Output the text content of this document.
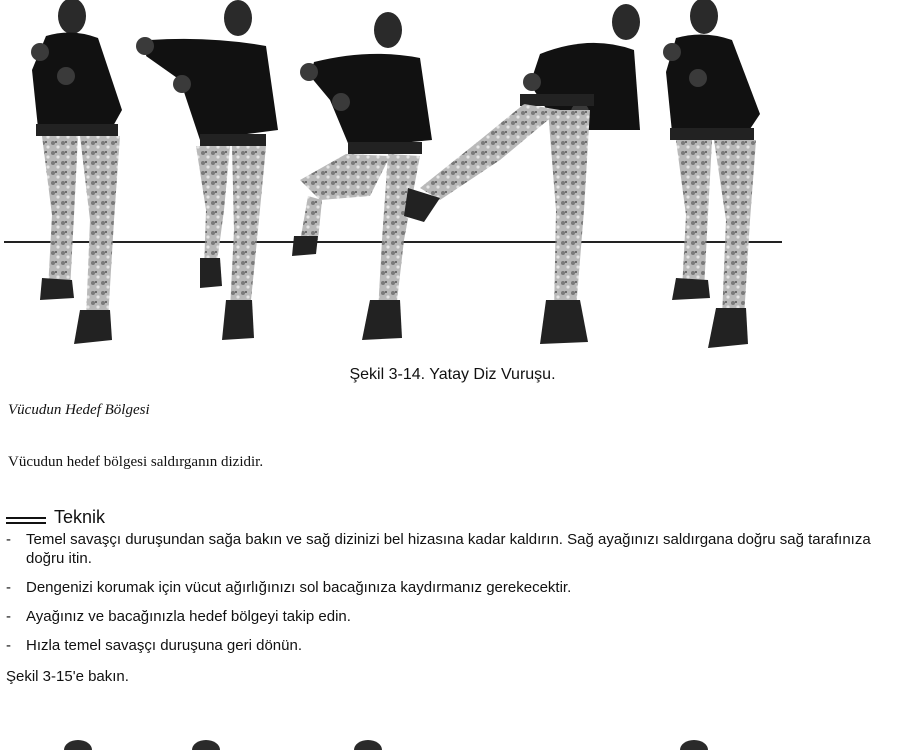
Şekil 3-14. Yatay Diz Vuruşu.
Vücudun Hedef Bölgesi
Vücudun hedef bölgesi saldırganın dizidir.
Teknik
- Temel savaşçı duruşundan sağa bakın ve sağ dizinizi bel hizasına kadar kaldırın. Sağ ayağınızı saldırgana doğru sağ tarafınıza doğru itin.
- Dengenizi korumak için vücut ağırlığınızı sol bacağınıza kaydırmanız gerekecektir.
- Ayağınız ve bacağınızla hedef bölgeyi takip edin.
- Hızla temel savaşçı duruşuna geri dönün.
Şekil 3-15'e bakın.
